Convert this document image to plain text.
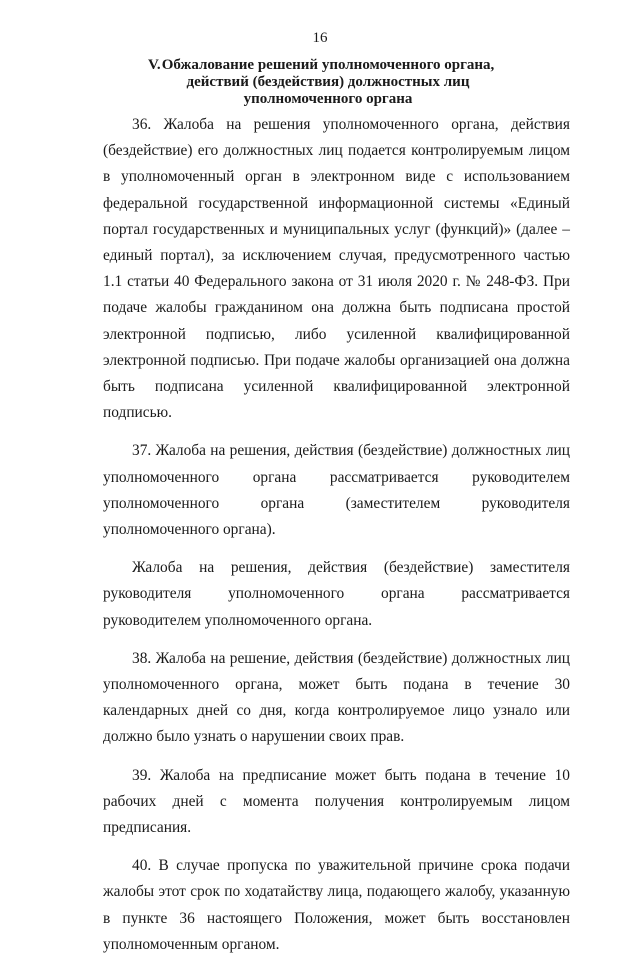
16
V. Обжалование решений уполномоченного органа,
действий (бездействия) должностных лиц
уполномоченного органа

36. Жалоба на решения уполномоченного органа, действия (бездействие) его должностных лиц подается контролируемым лицом в уполномоченный орган в электронном виде с использованием федеральной государственной информационной системы «Единый портал государственных и муниципальных услуг (функций)» (далее – единый портал), за исключением случая, предусмотренного частью 1.1 статьи 40 Федерального закона от 31 июля 2020 г. № 248-ФЗ. При подаче жалобы гражданином она должна быть подписана простой электронной подписью, либо усиленной квалифицированной электронной подписью. При подаче жалобы организацией она должна быть подписана усиленной квалифицированной электронной подписью.

37. Жалоба на решения, действия (бездействие) должностных лиц уполномоченного органа рассматривается руководителем уполномоченного органа (заместителем руководителя уполномоченного органа).

Жалоба на решения, действия (бездействие) заместителя руководителя уполномоченного органа рассматривается руководителем уполномоченного органа.

38. Жалоба на решение, действия (бездействие) должностных лиц уполномоченного органа, может быть подана в течение 30 календарных дней со дня, когда контролируемое лицо узнало или должно было узнать о нарушении своих прав.

39. Жалоба на предписание может быть подана в течение 10 рабочих дней с момента получения контролируемым лицом предписания.

40. В случае пропуска по уважительной причине срока подачи жалобы этот срок по ходатайству лица, подающего жалобу, указанную в пункте 36 настоящего Положения, может быть восстановлен уполномоченным органом.
